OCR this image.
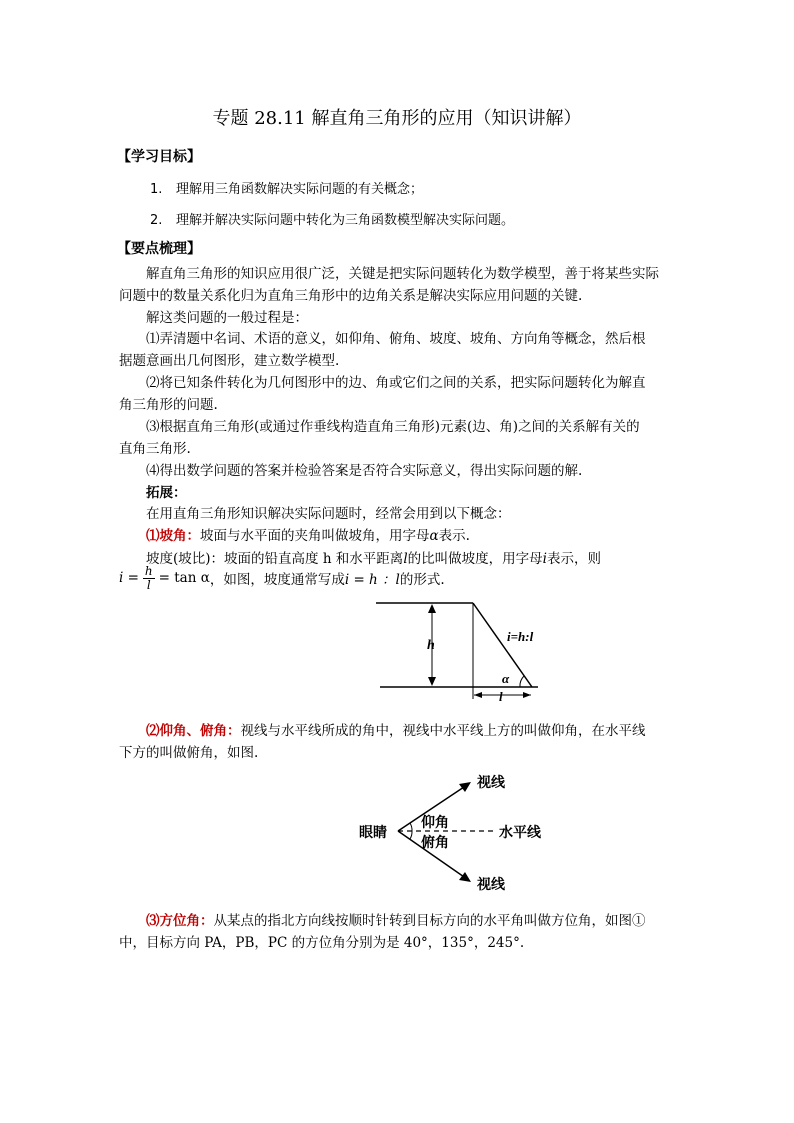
专题 28.11 解直角三角形的应用（知识讲解）
【学习目标】
1. 理解用三角函数解决实际问题的有关概念；
2. 理解并解决实际问题中转化为三角函数模型解决实际问题。
【要点梳理】

解直角三角形的知识应用很广泛，关键是把实际问题转化为数学模型，善于将某些实际

问题中的数量关系化归为直角三角形中的边角关系是解决实际应用问题的关键.

解这类问题的一般过程是：

⑴弄清题中名词、术语的意义，如仰角、俯角、坡度、坡角、方向角等概念，然后根

据题意画出几何图形，建立数学模型.

⑵将已知条件转化为几何图形中的边、角或它们之间的关系，把实际问题转化为解直

角三角形的问题.

⑶根据直角三角形(或通过作垂线构造直角三角形)元素(边、角)之间的关系解有关的

直角三角形.

⑷得出数学问题的答案并检验答案是否符合实际意义，得出实际问题的解.

拓展：

在用直角三角形知识解决实际问题时，经常会用到以下概念：

⑴坡角：坡面与水平面的夹角叫做坡角，用字母α表示.

坡度(坡比)：坡面的铅直高度 h 和水平距离l的比叫做坡度，用字母i表示，则

$i = \frac{h}{l} = \tan \alpha$ ，如图，坡度通常写成 i = h ：l 的形式.
h
i=h:l
α
l

⑵仰角、俯角：视线与水平线所成的角中，视线中水平线上方的叫做仰角，在水平线

下方的叫做俯角，如图.

视线
眼睛
仰角
水平线
俯角
视线

⑶方位角：从某点的指北方向线按顺时针转到目标方向的水平角叫做方位角，如图①

中，目标方向 PA，PB，PC 的方位角分别为是 40°，135°，245°.
